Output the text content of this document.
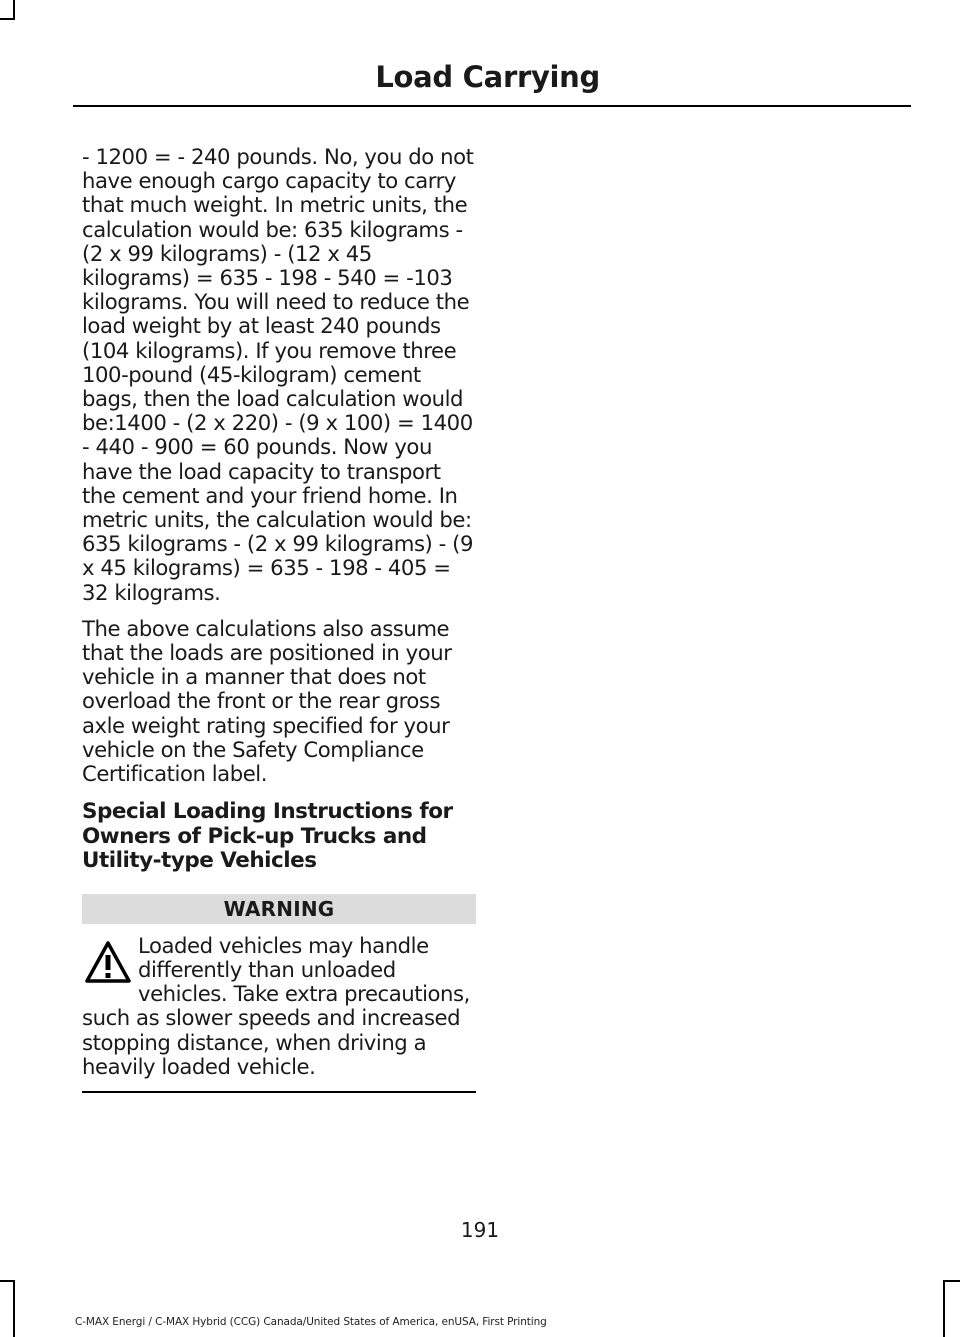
Load Carrying

- 1200 = - 240 pounds. No, you do not have enough cargo capacity to carry that much weight. In metric units, the calculation would be: 635 kilograms - (2 x 99 kilograms) - (12 x 45 kilograms) = 635 - 198 - 540 = -103 kilograms. You will need to reduce the load weight by at least 240 pounds (104 kilograms). If you remove three 100-pound (45-kilogram) cement bags, then the load calculation would be:1400 - (2 x 220) - (9 x 100) = 1400 - 440 - 900 = 60 pounds. Now you have the load capacity to transport the cement and your friend home. In metric units, the calculation would be: 635 kilograms - (2 x 99 kilograms) - (9 x 45 kilograms) = 635 - 198 - 405 = 32 kilograms.

The above calculations also assume that the loads are positioned in your vehicle in a manner that does not overload the front or the rear gross axle weight rating specified for your vehicle on the Safety Compliance Certification label.

Special Loading Instructions for Owners of Pick-up Trucks and Utility-type Vehicles
WARNING
Loaded vehicles may handle differently than unloaded vehicles. Take extra precautions, such as slower speeds and increased stopping distance, when driving a heavily loaded vehicle.
191
C-MAX Energi / C-MAX Hybrid (CCG) Canada/United States of America, enUSA, First Printing
